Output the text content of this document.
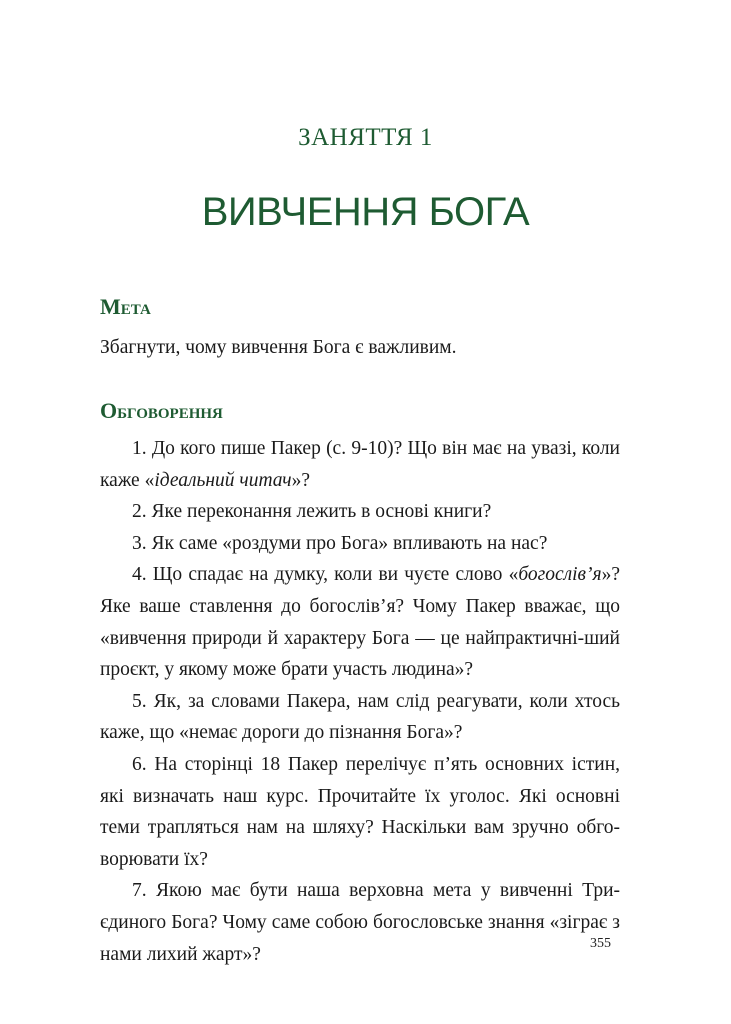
ЗАНЯТТЯ 1
ВИВЧЕННЯ БОГА
Мета

Збагнути, чому вивчення Бога є важливим.

Обговорення

1. До кого пише Пакер (с. 9-10)? Що він має на увазі, коли каже «ідеальний читач»?

2. Яке переконання лежить в основі книги?

3. Як саме «роздуми про Бога» впливають на нас?

4. Що спадає на думку, коли ви чуєте слово «богослів’я»? Яке ваше ставлення до богослів’я? Чому Пакер вважає, що «вивчення природи й характеру Бога — це найпрактичні-ший проєкт, у якому може брати участь людина»?

5. Як, за словами Пакера, нам слід реагувати, коли хтось каже, що «немає дороги до пізнання Бога»?

6. На сторінці 18 Пакер перелічує п’ять основних істин, які визначать наш курс. Прочитайте їх уголос. Які основні теми трапляться нам на шляху? Наскільки вам зручно обго-ворювати їх?

7. Якою має бути наша верховна мета у вивченні Три-єдиного Бога? Чому саме собою богословське знання «зіграє з нами лихий жарт»?	355
